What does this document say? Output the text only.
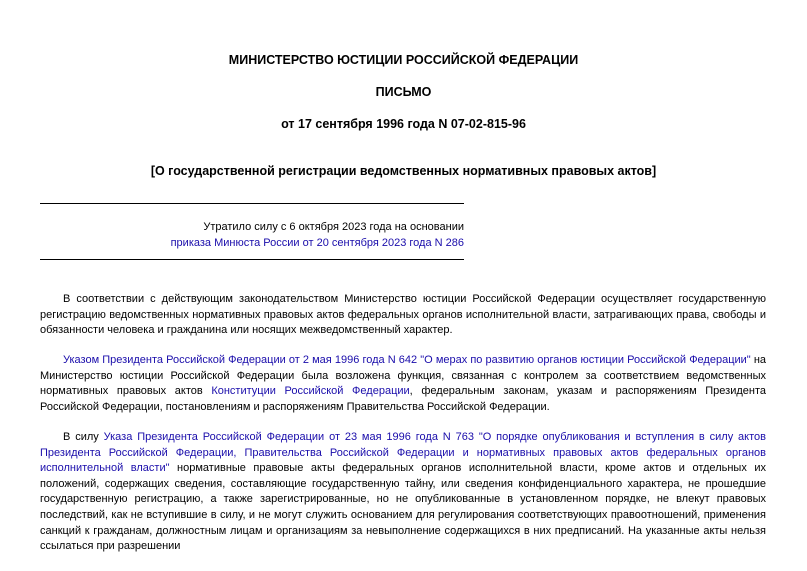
МИНИСТЕРСТВО ЮСТИЦИИ РОССИЙСКОЙ ФЕДЕРАЦИИ

ПИСЬМО

от 17 сентября 1996 года N 07-02-815-96

[О государственной регистрации ведомственных нормативных правовых актов]

Утратило силу с 6 октября 2023 года на основании

приказа Минюста России от 20 сентября 2023 года N 286

В соответствии с действующим законодательством Министерство юстиции Российской Федерации осуществляет государственную регистрацию ведомственных нормативных правовых актов федеральных органов исполнительной власти, затрагивающих права, свободы и обязанности человека и гражданина или носящих межведомственный характер.

Указом Президента Российской Федерации от 2 мая 1996 года N 642 "О мерах по развитию органов юстиции Российской Федерации" на Министерство юстиции Российской Федерации была возложена функция, связанная с контролем за соответствием ведомственных нормативных правовых актов Конституции Российской Федерации, федеральным законам, указам и распоряжениям Президента Российской Федерации, постановлениям и распоряжениям Правительства Российской Федерации.

В силу Указа Президента Российской Федерации от 23 мая 1996 года N 763 "О порядке опубликования и вступления в силу актов Президента Российской Федерации, Правительства Российской Федерации и нормативных правовых актов федеральных органов исполнительной власти" нормативные правовые акты федеральных органов исполнительной власти, кроме актов и отдельных их положений, содержащих сведения, составляющие государственную тайну, или сведения конфиденциального характера, не прошедшие государственную регистрацию, а также зарегистрированные, но не опубликованные в установленном порядке, не влекут правовых последствий, как не вступившие в силу, и не могут служить основанием для регулирования соответствующих правоотношений, применения санкций к гражданам, должностным лицам и организациям за невыполнение содержащихся в них предписаний. На указанные акты нельзя ссылаться при разрешении
